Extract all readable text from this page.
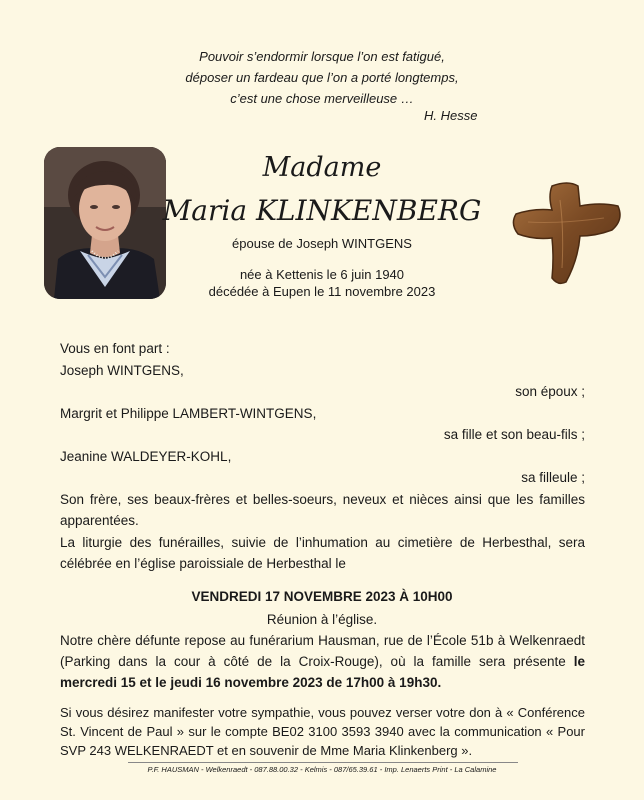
Pouvoir s’endormir lorsque l’on est fatigué,
déposer un fardeau que l’on a porté longtemps,
c’est une chose merveilleuse …
H. Hesse
Madame
Maria KLINKENBERG
épouse de Joseph WINTGENS
née à Kettenis le 6 juin 1940
décédée à Eupen le 11 novembre 2023
Vous en font part :
Joseph WINTGENS,
son époux ;
Margrit et Philippe LAMBERT-WINTGENS,
sa fille et son beau-fils ;
Jeanine WALDEYER-KOHL,
sa filleule ;
Son frère, ses beaux-frères et belles-soeurs, neveux et nièces ainsi que les familles apparentées.
La liturgie des funérailles, suivie de l’inhumation au cimetière de Herbesthal, sera célébrée en l’église paroissiale de Herbesthal le
VENDREDI 17 NOVEMBRE 2023 À 10H00
Réunion à l’église.
Notre chère défunte repose au funérarium Hausman, rue de l’École 51b à Welkenraedt (Parking dans la cour à côté de la Croix-Rouge), où la famille sera présente le mercredi 15 et le jeudi 16 novembre 2023 de 17h00 à 19h30.
Si vous désirez manifester votre sympathie, vous pouvez verser votre don à « Conférence St. Vincent de Paul » sur le compte BE02 3100 3593 3940 avec la communication « Pour SVP 243 WELKENRAEDT et en souvenir de Mme Maria Klinkenberg ».
P.F. HAUSMAN - Welkenraedt - 087.88.00.32 - Kelmis - 087/65.39.61 - Imp. Lenaerts Print - La Calamine
